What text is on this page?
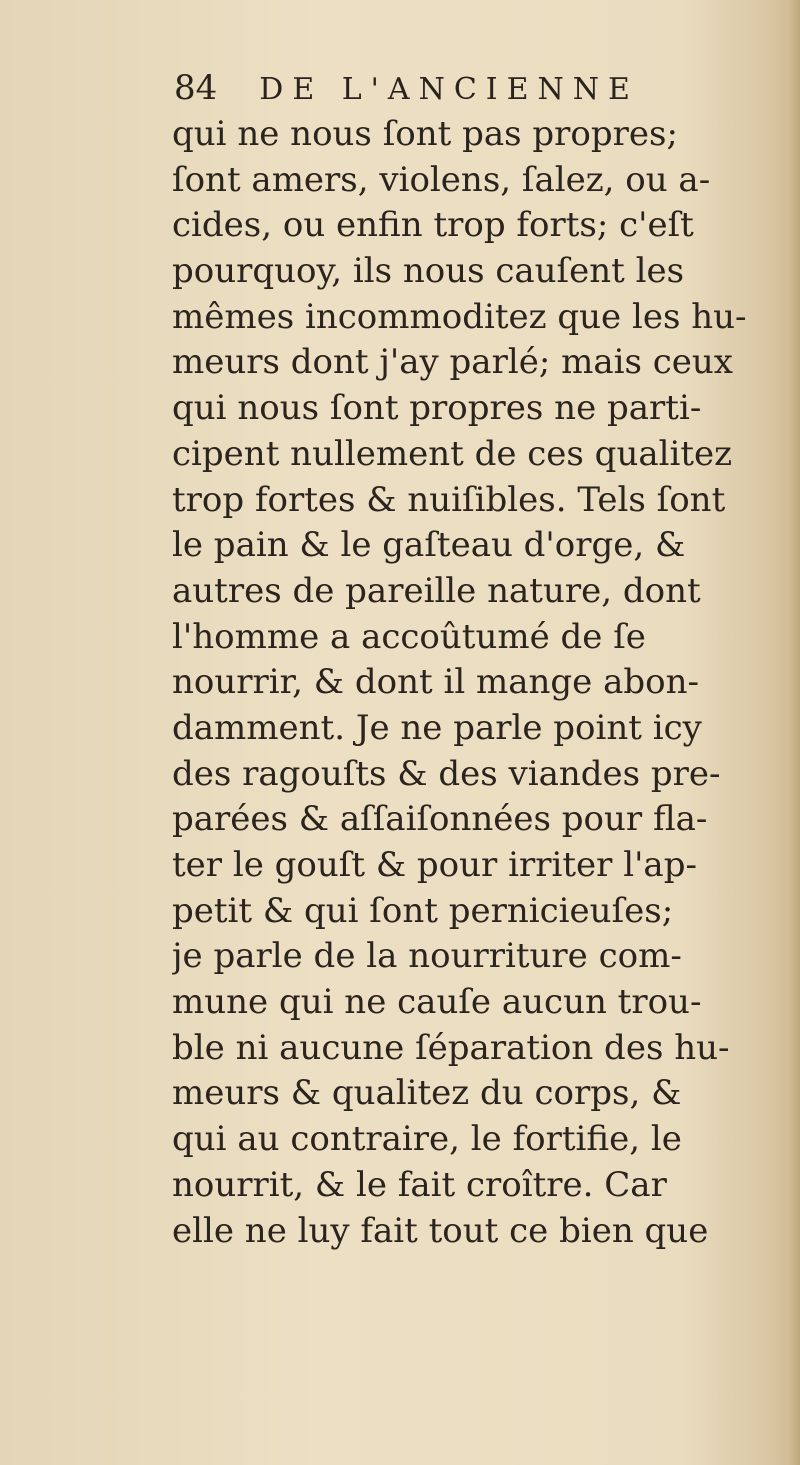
84 DE L'ANCIENNE
qui ne nous ſont pas propres;
ſont amers, violens, ſalez, ou a-
cides, ou enfin trop forts; c'eſt
pourquoy, ils nous cauſent les
mêmes incommoditez que les hu-
meurs dont j'ay parlé; mais ceux
qui nous ſont propres ne parti-
cipent nullement de ces qualitez
trop fortes & nuiſibles. Tels ſont
le pain & le gaſteau d'orge, &
autres de pareille nature, dont
l'homme a accoûtumé de ſe
nourrir, & dont il mange abon-
damment. Je ne parle point icy
des ragouſts & des viandes pre-
parées & aſſaiſonnées pour fla-
ter le gouſt & pour irriter l'ap-
petit & qui ſont pernicieuſes;
je parle de la nourriture com-
mune qui ne cauſe aucun trou-
ble ni aucune ſéparation des hu-
meurs & qualitez du corps, &
qui au contraire, le fortifie, le
nourrit, & le fait croître. Car
elle ne luy fait tout ce bien que
